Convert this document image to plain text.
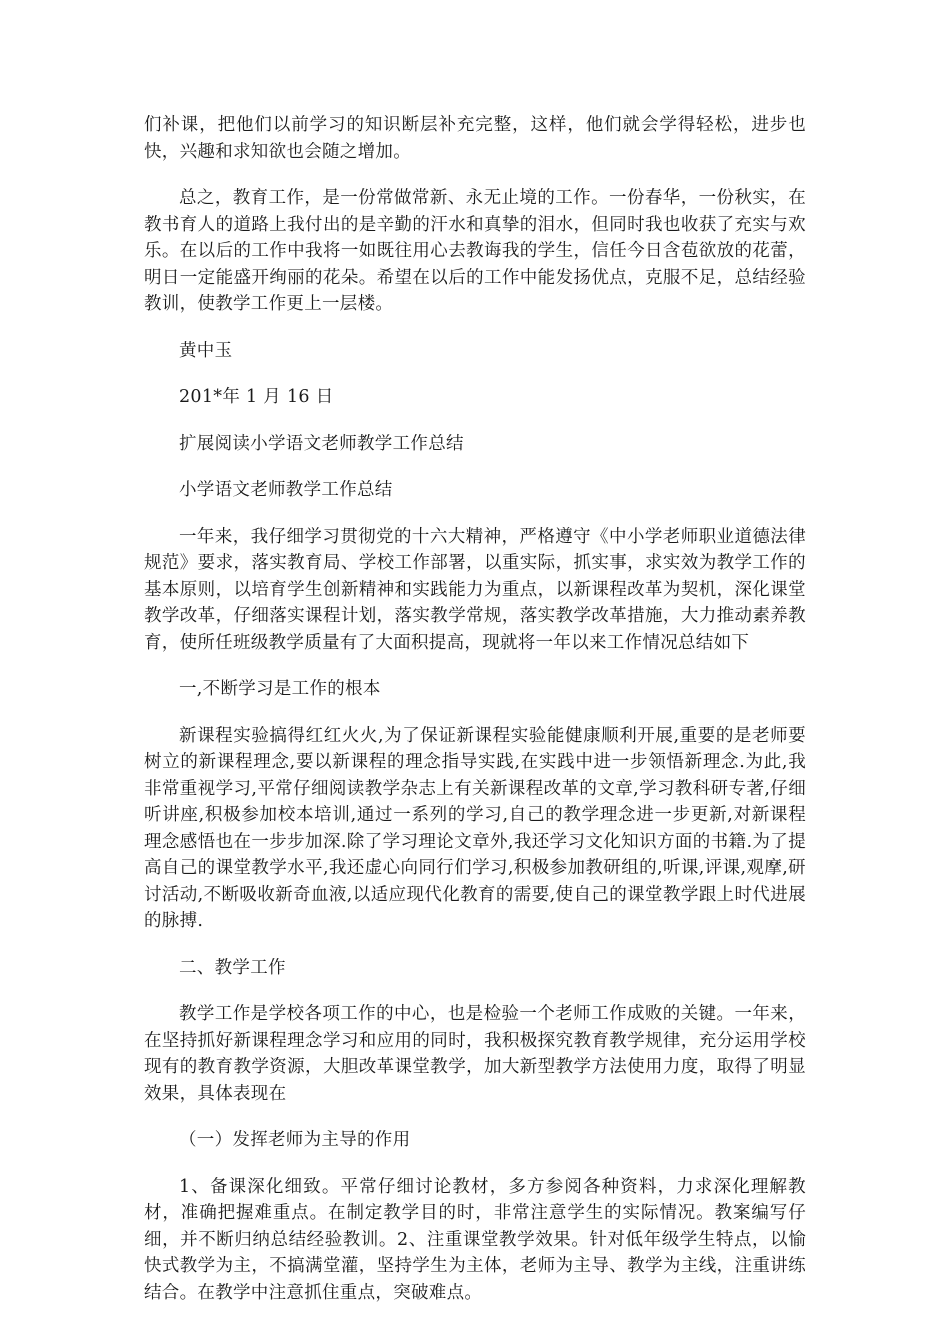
们补课，把他们以前学习的知识断层补充完整，这样，他们就会学得轻松，进步也快，兴趣和求知欲也会随之增加。

总之，教育工作，是一份常做常新、永无止境的工作。一份春华，一份秋实，在教书育人的道路上我付出的是辛勤的汗水和真挚的泪水，但同时我也收获了充实与欢乐。在以后的工作中我将一如既往用心去教诲我的学生，信任今日含苞欲放的花蕾，明日一定能盛开绚丽的花朵。希望在以后的工作中能发扬优点，克服不足，总结经验教训，使教学工作更上一层楼。

黄中玉

201*年 1 月 16 日

扩展阅读小学语文老师教学工作总结

小学语文老师教学工作总结

一年来，我仔细学习贯彻党的十六大精神，严格遵守《中小学老师职业道德法律规范》要求，落实教育局、学校工作部署，以重实际，抓实事，求实效为教学工作的基本原则，以培育学生创新精神和实践能力为重点，以新课程改革为契机，深化课堂教学改革，仔细落实课程计划，落实教学常规，落实教学改革措施，大力推动素养教育，使所任班级教学质量有了大面积提高，现就将一年以来工作情况总结如下

一,不断学习是工作的根本

新课程实验搞得红红火火,为了保证新课程实验能健康顺利开展,重要的是老师要树立的新课程理念,要以新课程的理念指导实践,在实践中进一步领悟新理念.为此,我非常重视学习,平常仔细阅读教学杂志上有关新课程改革的文章,学习教科研专著,仔细听讲座,积极参加校本培训,通过一系列的学习,自己的教学理念进一步更新,对新课程理念感悟也在一步步加深.除了学习理论文章外,我还学习文化知识方面的书籍.为了提高自己的课堂教学水平,我还虚心向同行们学习,积极参加教研组的,听课,评课,观摩,研讨活动,不断吸收新奇血液,以适应现代化教育的需要,使自己的课堂教学跟上时代进展的脉搏.

二、教学工作

教学工作是学校各项工作的中心，也是检验一个老师工作成败的关键。一年来，在坚持抓好新课程理念学习和应用的同时，我积极探究教育教学规律，充分运用学校现有的教育教学资源，大胆改革课堂教学，加大新型教学方法使用力度，取得了明显效果，具体表现在

（一）发挥老师为主导的作用

1、备课深化细致。平常仔细讨论教材，多方参阅各种资料，力求深化理解教材，准确把握难重点。在制定教学目的时，非常注意学生的实际情况。教案编写仔细，并不断归纳总结经验教训。2、注重课堂教学效果。针对低年级学生特点，以愉快式教学为主，不搞满堂灌，坚持学生为主体，老师为主导、教学为主线，注重讲练结合。在教学中注意抓住重点，突破难点。
